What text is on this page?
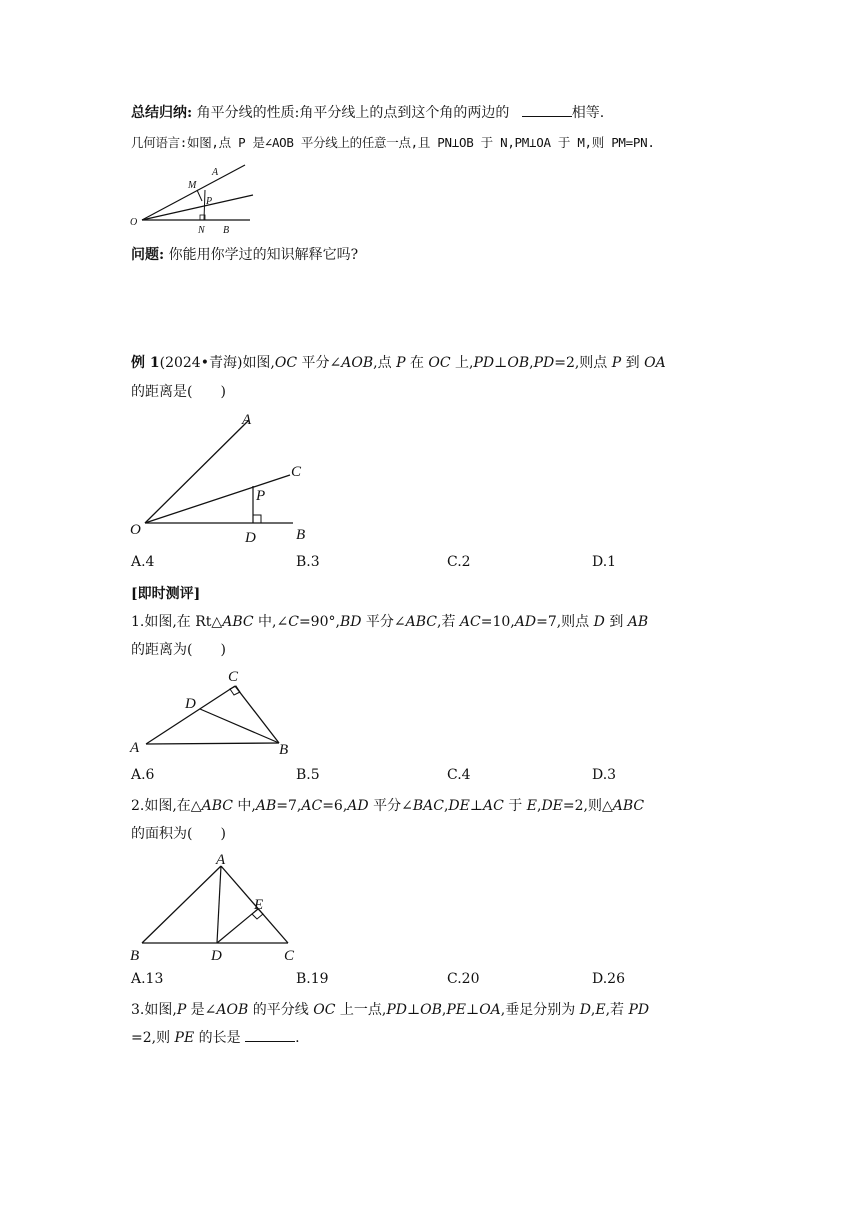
总结归纳: 角平分线的性质:角平分线上的点到这个角的两边的	相等.
几何语言:如图,点 P 是∠AOB 平分线上的任意一点,且 PN⊥OB 于 N,PM⊥OA 于 M,则 PM=PN.
O
M
A
P
N B
问题: 你能用你学过的知识解释它吗?
例 1(2024•青海)如图,OC 平分∠AOB,点 P 在 OC 上,PD⊥OB,PD=2,则点 P 到 OA
的距离是(　　)
A
C
P
O	D	B
A.4	B.3	C.2	D.1
[即时测评]
1.如图,在 Rt△ABC 中,∠C=90°,BD 平分∠ABC,若 AC=10,AD=7,则点 D 到 AB
的距离为(　　)
C
D
A	B
A.6	B.5	C.4	D.3
2.如图,在△ABC 中,AB=7,AC=6,AD 平分∠BAC,DE⊥AC 于 E,DE=2,则△ABC
的面积为(　　)
A
E
B	D	C
A.13	B.19	C.20	D.26
3.如图,P 是∠AOB 的平分线 OC 上一点,PD⊥OB,PE⊥OA,垂足分别为 D,E,若 PD
=2,则 PE 的长是	.
